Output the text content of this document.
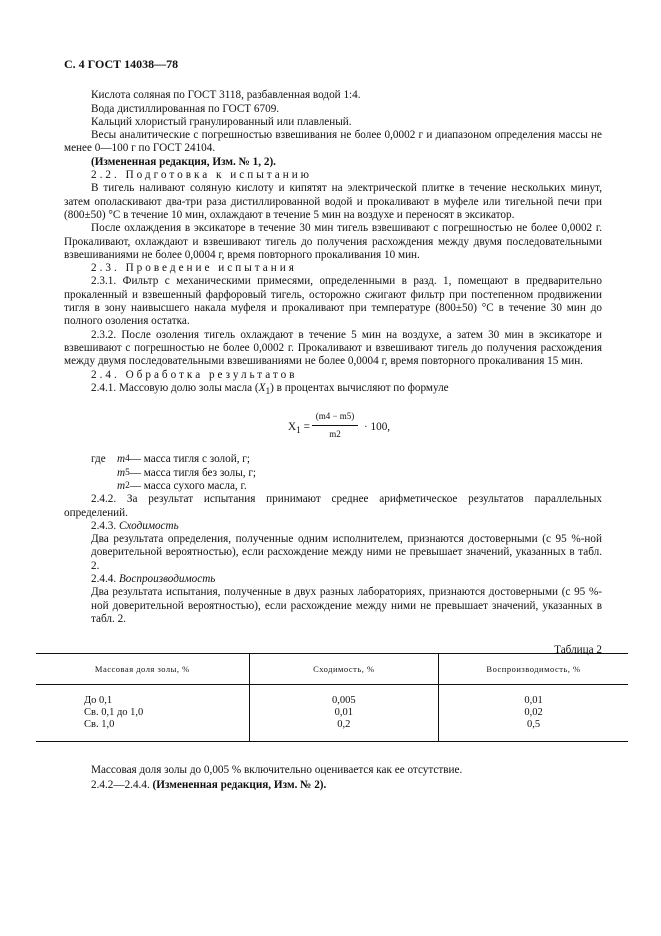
С. 4 ГОСТ 14038—78

Кислота соляная по ГОСТ 3118, разбавленная водой 1:4.

Вода дистиллированная по ГОСТ 6709.

Кальций хлористый гранулированный или плавленый.

Весы аналитические с погрешностью взвешивания не более 0,0002 г и диапазоном определения массы не менее 0—100 г по ГОСТ 24104.

(Измененная редакция, Изм. № 1, 2).

2.2. Подготовка к испытанию

В тигель наливают соляную кислоту и кипятят на электрической плитке в течение нескольких минут, затем ополаскивают два-три раза дистиллированной водой и прокаливают в муфеле или тигельной печи при (800±50) °С в течение 10 мин, охлаждают в течение 5 мин на воздухе и переносят в эксикатор.

После охлаждения в эксикаторе в течение 30 мин тигель взвешивают с погрешностью не более 0,0002 г. Прокаливают, охлаждают и взвешивают тигель до получения расхождения между двумя последовательными взвешиваниями не более 0,0004 г, время повторного прокаливания 10 мин.

2.3. Проведение испытания

2.3.1. Фильтр с механическими примесями, определенными в разд. 1, помещают в предварительно прокаленный и взвешенный фарфоровый тигель, осторожно сжигают фильтр при постепенном продвижении тигля в зону наивысшего накала муфеля и прокаливают при температуре (800±50) °С в течение 30 мин до полного озоления остатка.

2.3.2. После озоления тигель охлаждают в течение 5 мин на воздухе, а затем 30 мин в эксикаторе и взвешивают с погрешностью не более 0,0002 г. Прокаливают и взвешивают тигель до получения расхождения между двумя последовательными взвешиваниями не более 0,0004 г, время повторного прокаливания 15 мин.

2.4. Обработка результатов

2.4.1. Массовую долю золы масла $(X_1)$ в процентах вычисляют по формуле

$X_1 = \frac{(m4 - m5)}{m2} \cdot 100$,
где	m 4 — масса тигля с золой, г;
m 5 — масса тигля без золы, г;
m 2 — масса сухого масла, г.

2.4.2. За результат испытания принимают среднее арифметическое результатов параллельных определений.

2.4.3. Сходимость

Два результата определения, полученные одним исполнителем, признаются достоверными (с 95 %-ной доверительной вероятностью), если расхождение между ними не превышает значений, указанных в табл. 2.

2.4.4. Воспроизводимость

Два результата испытания, полученные в двух разных лабораториях, признаются достоверными (с 95 %-ной доверительной вероятностью), если расхождение между ними не превышает значений, указанных в табл. 2.

Таблица 2
Массовая доля золы, %	Сходимость, %	Воспроизводимость, %
До 0,1	0,005	0,01
Св. 0,1 до 1,0	0,01	0,02
Св. 1,0	0,2	0,5

Массовая доля золы до 0,005 % включительно оценивается как ее отсутствие.

2.4.2—2.4.4. (Измененная редакция, Изм. № 2).
